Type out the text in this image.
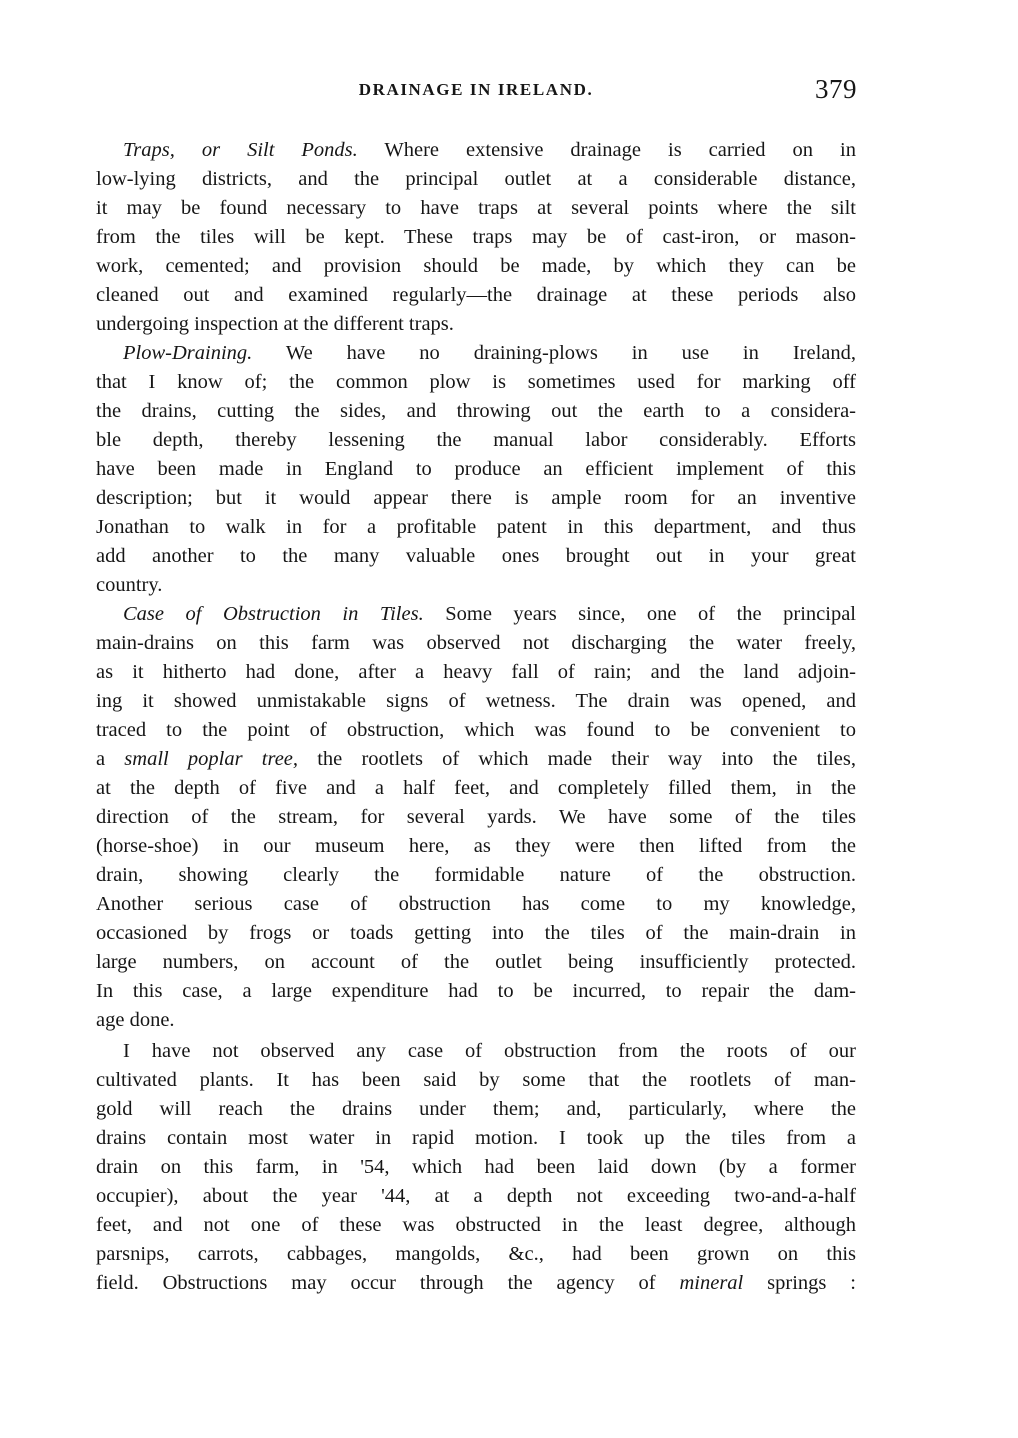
DRAINAGE IN IRELAND.	379
Traps, or Silt Ponds. Where extensive drainage is carried on in
low-lying districts, and the principal outlet at a considerable distance,
it may be found necessary to have traps at several points where the silt
from the tiles will be kept. These traps may be of cast-iron, or mason-
work, cemented; and provision should be made, by which they can be
cleaned out and examined regularly—the drainage at these periods also
undergoing inspection at the different traps.
Plow-Draining. We have no draining-plows in use in Ireland,
that I know of; the common plow is sometimes used for marking off
the drains, cutting the sides, and throwing out the earth to a considera-
ble depth, thereby lessening the manual labor considerably. Efforts
have been made in England to produce an efficient implement of this
description; but it would appear there is ample room for an inventive
Jonathan to walk in for a profitable patent in this department, and thus
add another to the many valuable ones brought out in your great
country.
Case of Obstruction in Tiles. Some years since, one of the principal
main-drains on this farm was observed not discharging the water freely,
as it hitherto had done, after a heavy fall of rain; and the land adjoin-
ing it showed unmistakable signs of wetness. The drain was opened, and
traced to the point of obstruction, which was found to be convenient to
a small poplar tree, the rootlets of which made their way into the tiles,
at the depth of five and a half feet, and completely filled them, in the
direction of the stream, for several yards. We have some of the tiles
(horse-shoe) in our museum here, as they were then lifted from the
drain, showing clearly the formidable nature of the obstruction.
Another serious case of obstruction has come to my knowledge,
occasioned by frogs or toads getting into the tiles of the main-drain in
large numbers, on account of the outlet being insufficiently protected.
In this case, a large expenditure had to be incurred, to repair the dam-
age done.
I have not observed any case of obstruction from the roots of our
cultivated plants. It has been said by some that the rootlets of man-
gold will reach the drains under them; and, particularly, where the
drains contain most water in rapid motion. I took up the tiles from a
drain on this farm, in '54, which had been laid down (by a former
occupier), about the year '44, at a depth not exceeding two-and-a-half
feet, and not one of these was obstructed in the least degree, although
parsnips, carrots, cabbages, mangolds, &c., had been grown on this
field. Obstructions may occur through the agency of mineral springs :
